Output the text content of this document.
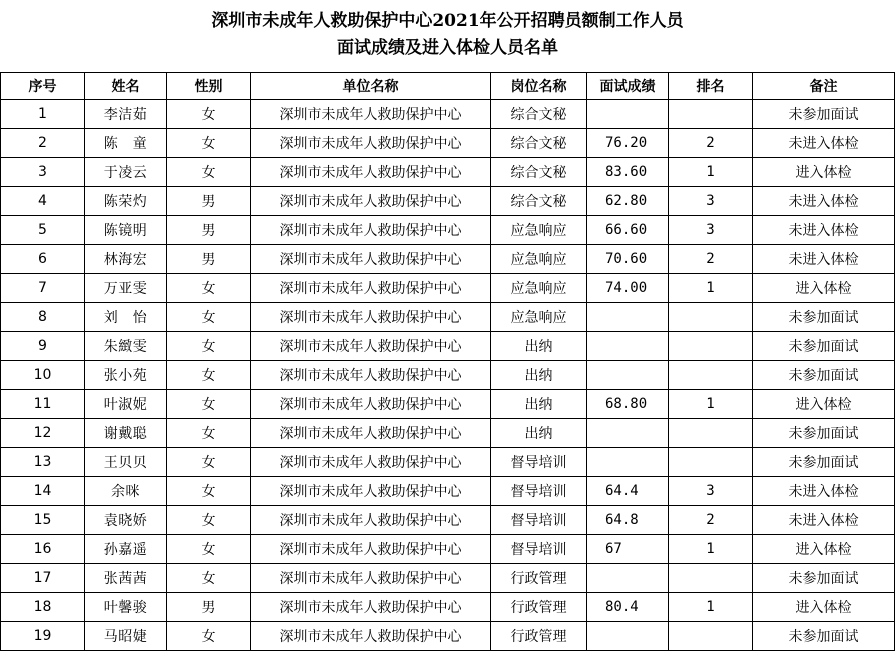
深圳市未成年人救助保护中心2021年公开招聘员额制工作人员
面试成绩及进入体检人员名单
序号	姓名	性别	单位名称	岗位名称	面试成绩	排名	备注
1	李洁茹	女	深圳市未成年人救助保护中心	综合文秘			未参加面试
2	陈　童	女	深圳市未成年人救助保护中心	综合文秘	76.20	2	未进入体检
3	于凌云	女	深圳市未成年人救助保护中心	综合文秘	83.60	1	进入体检
4	陈荣灼	男	深圳市未成年人救助保护中心	综合文秘	62.80	3	未进入体检
5	陈镜明	男	深圳市未成年人救助保护中心	应急响应	66.60	3	未进入体检
6	林海宏	男	深圳市未成年人救助保护中心	应急响应	70.60	2	未进入体检
7	万亚雯	女	深圳市未成年人救助保护中心	应急响应	74.00	1	进入体检
8	刘　怡	女	深圳市未成年人救助保护中心	应急响应			未参加面试
9	朱緻雯	女	深圳市未成年人救助保护中心	出纳			未参加面试
10	张小苑	女	深圳市未成年人救助保护中心	出纳			未参加面试
11	叶淑妮	女	深圳市未成年人救助保护中心	出纳	68.80	1	进入体检
12	谢戴聪	女	深圳市未成年人救助保护中心	出纳			未参加面试
13	王贝贝	女	深圳市未成年人救助保护中心	督导培训			未参加面试
14	余咪	女	深圳市未成年人救助保护中心	督导培训	64.4	3	未进入体检
15	袁晓娇	女	深圳市未成年人救助保护中心	督导培训	64.8	2	未进入体检
16	孙嘉遥	女	深圳市未成年人救助保护中心	督导培训	67	1	进入体检
17	张茜茜	女	深圳市未成年人救助保护中心	行政管理			未参加面试
18	叶馨骏	男	深圳市未成年人救助保护中心	行政管理	80.4	1	进入体检
19	马昭婕	女	深圳市未成年人救助保护中心	行政管理			未参加面试
